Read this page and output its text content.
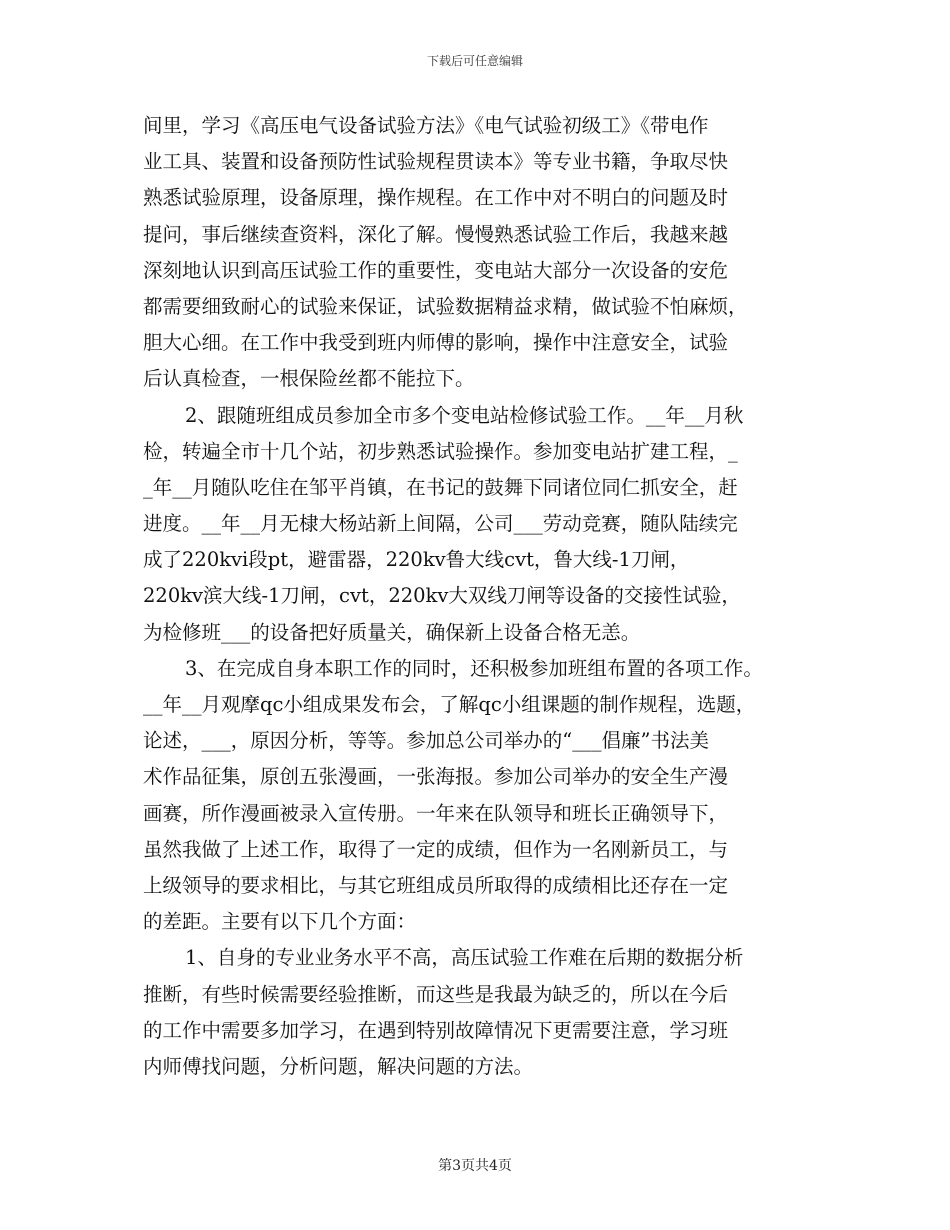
下载后可任意编辑
间里，学习《高压电气设备试验方法》《电气试验初级工》《带电作
业工具、装置和设备预防性试验规程贯读本》等专业书籍，争取尽快
熟悉试验原理，设备原理，操作规程。在工作中对不明白的问题及时
提问，事后继续查资料，深化了解。慢慢熟悉试验工作后，我越来越
深刻地认识到高压试验工作的重要性，变电站大部分一次设备的安危
都需要细致耐心的试验来保证，试验数据精益求精，做试验不怕麻烦，
胆大心细。在工作中我受到班内师傅的影响，操作中注意安全，试验
后认真检查，一根保险丝都不能拉下。
2、跟随班组成员参加全市多个变电站检修试验工作。__年__月秋
检，转遍全市十几个站，初步熟悉试验操作。参加变电站扩建工程，_
_年__月随队吃住在邹平肖镇，在书记的鼓舞下同诸位同仁抓安全，赶
进度。__年__月无棣大杨站新上间隔，公司___劳动竞赛，随队陆续完
成了220kvⅰ段pt，避雷器，220kv鲁大线cvt，鲁大线-1刀闸，
220kv滨大线-1刀闸，cvt，220kv大双线刀闸等设备的交接性试验，
为检修班___的设备把好质量关，确保新上设备合格无恙。
3、在完成自身本职工作的同时，还积极参加班组布置的各项工作。
__年__月观摩qc小组成果发布会，了解qc小组课题的制作规程，选题，
论述，___，原因分析，等等。参加总公司举办的“___倡廉”书法美
术作品征集，原创五张漫画，一张海报。参加公司举办的安全生产漫
画赛，所作漫画被录入宣传册。一年来在队领导和班长正确领导下，
虽然我做了上述工作，取得了一定的成绩，但作为一名刚新员工，与
上级领导的要求相比，与其它班组成员所取得的成绩相比还存在一定
的差距。主要有以下几个方面：
1、自身的专业业务水平不高，高压试验工作难在后期的数据分析
推断，有些时候需要经验推断，而这些是我最为缺乏的，所以在今后
的工作中需要多加学习，在遇到特别故障情况下更需要注意，学习班
内师傅找问题，分析问题，解决问题的方法。
第3页共4页
